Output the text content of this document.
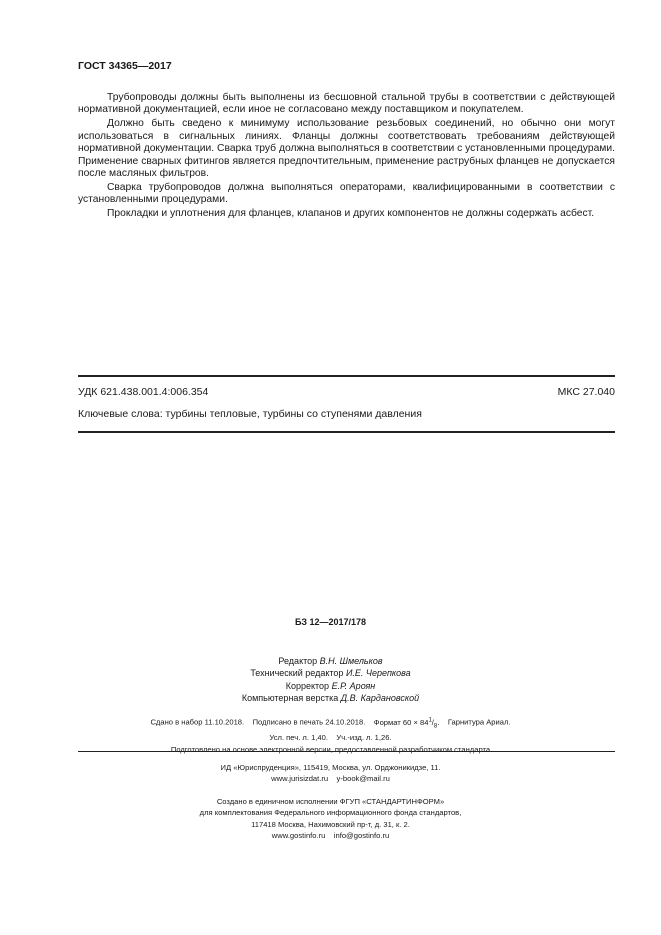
ГОСТ 34365—2017

Трубопроводы должны быть выполнены из бесшовной стальной трубы в соответствии с действующей нормативной документацией, если иное не согласовано между поставщиком и покупателем.

Должно быть сведено к минимуму использование резьбовых соединений, но обычно они могут использоваться в сигнальных линиях. Фланцы должны соответствовать требованиям действующей нормативной документации. Сварка труб должна выполняться в соответствии с установленными процедурами. Применение сварных фитингов является предпочтительным, применение раструбных фланцев не допускается после масляных фильтров.

Сварка трубопроводов должна выполняться операторами, квалифицированными в соответствии с установленными процедурами.

Прокладки и уплотнения для фланцев, клапанов и других компонентов не должны содержать асбест.

УДК 621.438.001.4:006.354	МКС 27.040
Ключевые слова: турбины тепловые, турбины со ступенями давления
БЗ 12—2017/178
Редактор В.Н. Шмельков
Технический редактор И.Е. Черепкова
Корректор Е.Р. Ароян
Компьютерная верстка Д.В. Кардановской
Сдано в набор 11.10.2018. Подписано в печать 24.10.2018. Формат $60 \times 84^1/_8$. Гарнитура Ариал.
Усл. печ. л. 1,40.    Уч.-изд. л. 1,26.
Подготовлено на основе электронной версии, предоставленной разработчиком стандарта
ИД «Юриспруденция», 115419, Москва, ул. Орджоникидзе, 11.
www.jurisizdat.ru    y-book@mail.ru
Создано в единичном исполнении ФГУП «СТАНДАРТИНФОРМ»
для комплектования Федерального информационного фонда стандартов,
117418 Москва, Нахимовский пр-т, д. 31, к. 2.
www.gostinfo.ru    info@gostinfo.ru
